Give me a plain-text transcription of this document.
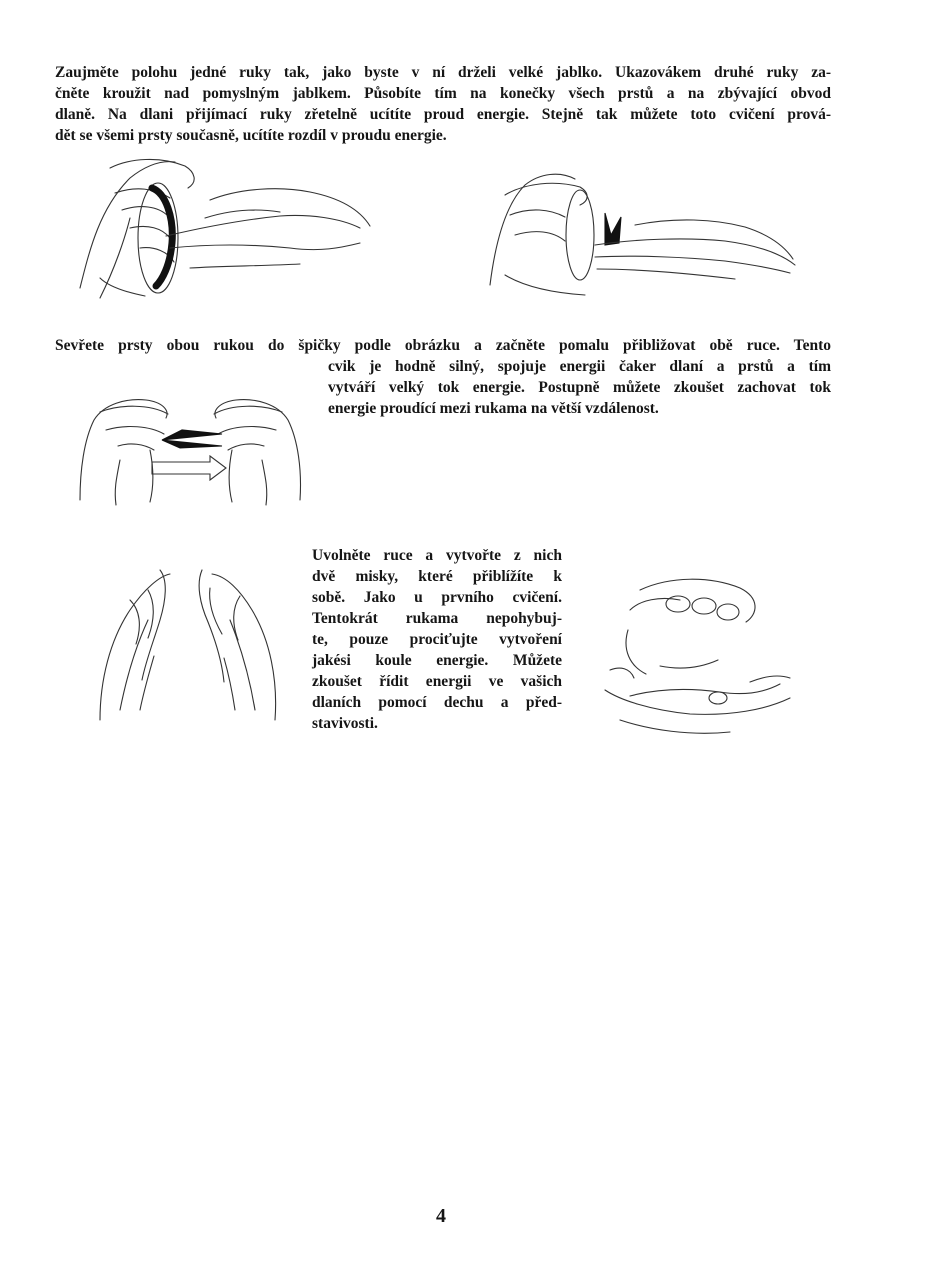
Zaujměte polohu jedné ruky tak, jako byste v ní drželi velké jablko. Ukazovákem druhé ruky za-
čněte kroužit nad pomyslným jablkem. Působíte tím na konečky všech prstů a na zbývající obvod
dlaně. Na dlani přijímací ruky zřetelně ucítíte proud energie. Stejně tak můžete toto cvičení prová-
dět se všemi prsty současně, ucítíte rozdíl v proudu energie.
Sevřete prsty obou rukou do špičky podle obrázku a začněte pomalu přibližovat obě ruce. Tento
cvik je hodně silný, spojuje energii čaker dlaní a prstů a tím
vytváří velký tok energie. Postupně můžete zkoušet zachovat tok
energie proudící mezi rukama na větší vzdálenost.
Uvolněte ruce a vytvořte z nich
dvě misky, které přiblížíte k
sobě. Jako u prvního cvičení.
Tentokrát rukama nepohybuj-
te, pouze prociťujte vytvoření
jakési koule energie. Můžete
zkoušet řídit energii ve vašich
dlaních pomocí dechu a před-
stavivosti.
4
